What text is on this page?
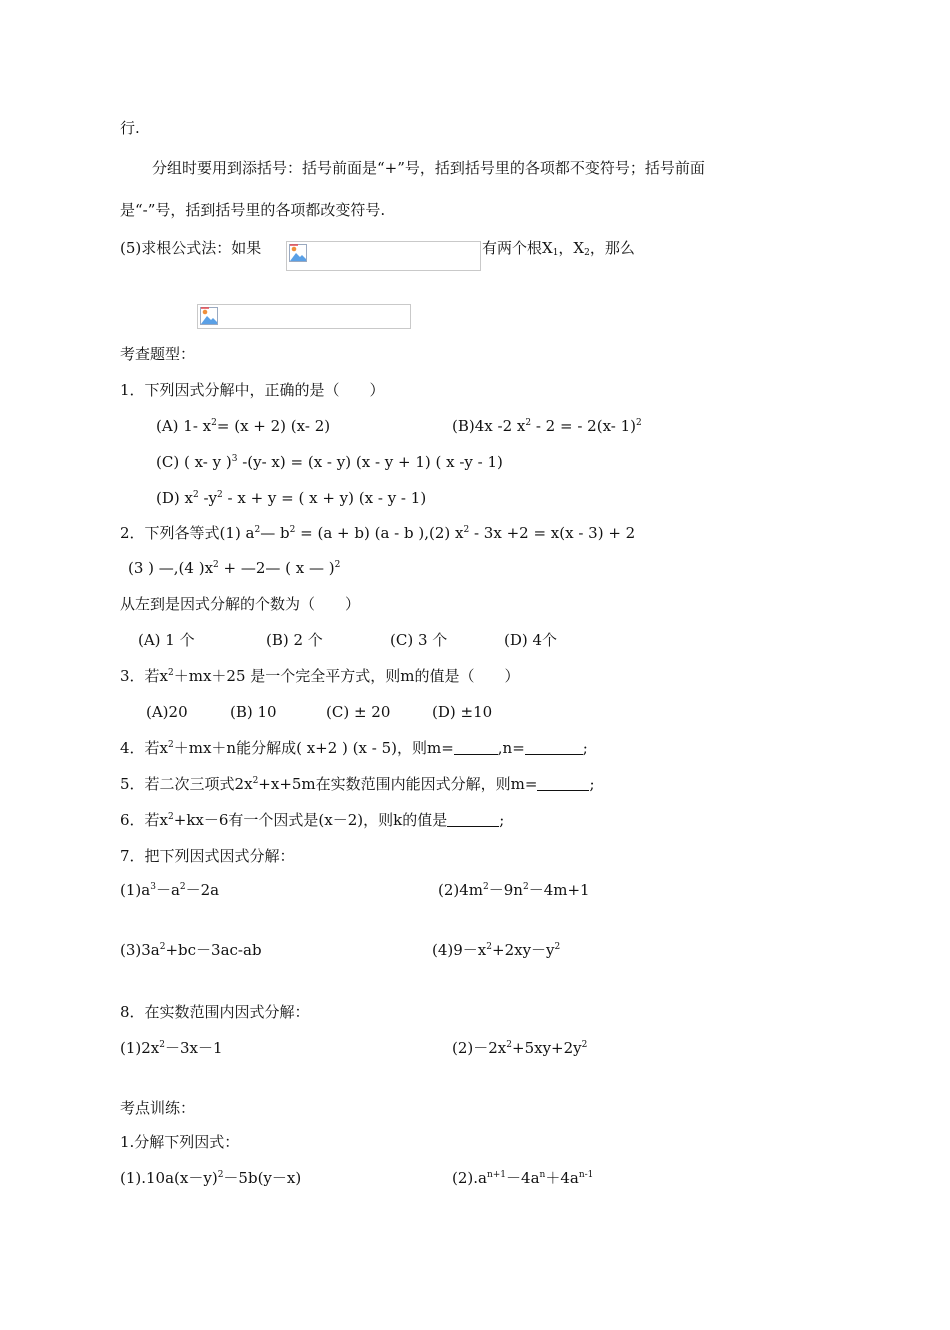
行.
分组时要用到添括号：括号前面是“+”号，括到括号里的各项都不变符号；括号前面
是“-”号，括到括号里的各项都改变符号.
(5)求根公式法：如果	有两个根$X_1$，$X_2$，那么
考查题型：
1．下列因式分解中，正确的是（　　）
(A) 1- $x^2= (x + 2)$ (x- 2)	(B)4x -2 $x^2 - 2$ = - 2(x- 1)$^2$
(C) ( x- y )$^3$ -(y- x) = (x - y) (x - y + 1) ( x -y - 1)
(D) $x^2$ $-y^2 - x + y$ = ( x + y) (x - y - 1)
2．下列各等式(1) $a^2—$ $b^2 = (a + b)$ (a - b ),(2) $x^2 - 3x +2 = x(x - 3) + 2$
(3 ) —,(4 )$x^2$ + —2— ( x — )$^2$
从左到是因式分解的个数为（　　）
(A) 1 个	(B) 2 个	(C) 3 个	(D) 4个
3．若$x^2+mx+25$ 是一个完全平方式，则m的值是（　　）
(A)20	(B) 10	(C) ± 20	(D) ±10
4．若$x^2+mx+n$能分解成( x+2 ) (x - 5)，则m=	,n=	;
5．若二次三项式$2x^2+x+5m$在实数范围内能因式分解，则m=	;
6．若$x^2+kx-6$有一个因式是(x－2)，则k的值是	;
7．把下列因式因式分解：
$(1)a^3-a^2-2a$	$(2)4m^2-9n^2-4m+1$
$(3)3a^2+bc-3ac-ab$	$(4)9-x^2+2xy-y^2$
8．在实数范围内因式分解：
$(1)2x^2-3x-1$	$(2)-2x^2+5xy+2y^2$
考点训练：
1.分解下列因式：
$(1).10a(x-y)^2-5b(y-x)$	$(2).a^{n+1}-4a^n+4a^{n-1}$
